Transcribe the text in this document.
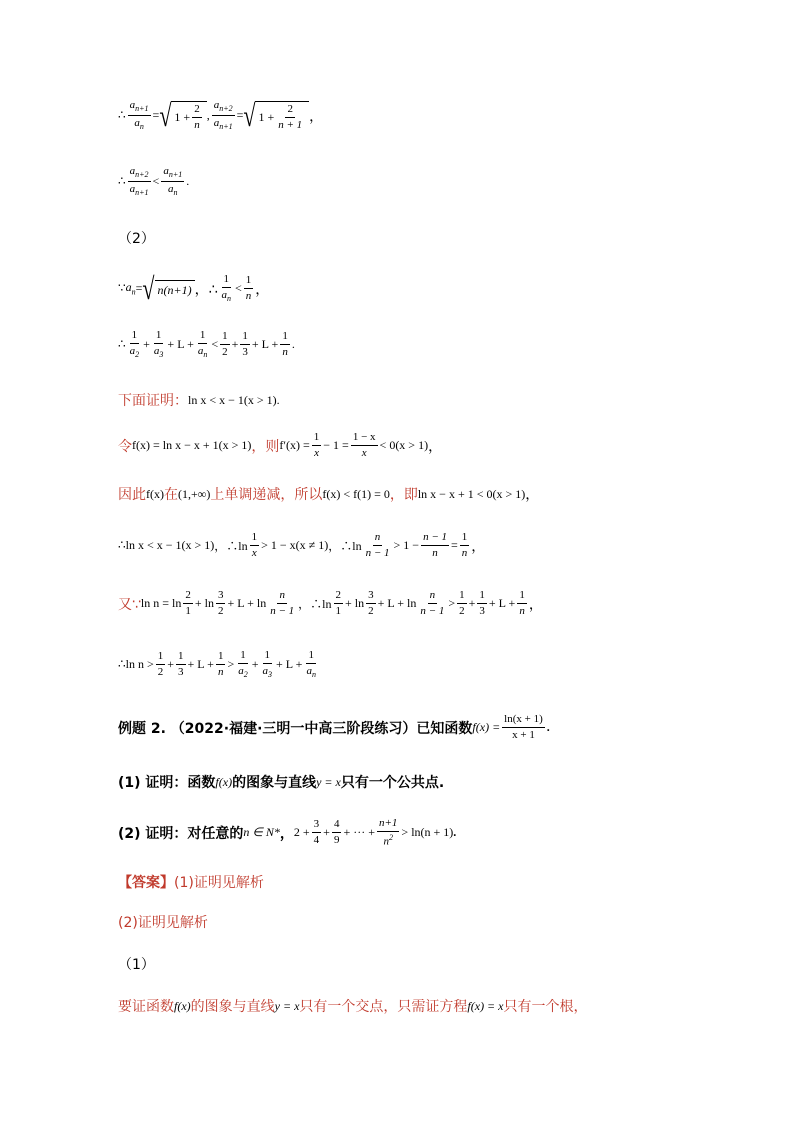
∴ $\frac{a_{n+1}}{a_n}$ = √ $1 + \frac{2}{n}$ , $\frac{a_{n+2}}{a_{n+1}}$ = √ $1 + \frac{2}{n + 1}$ ，
∴ $\frac{a_{n+2}}{a_{n+1}} < \frac{a_{n+1}}{a_n}$ .
（2）
∵ $a_n$ = √ n(n+1) ，∴ $\frac{1}{a_n} < \frac{1}{n}$ ，
∴ $\frac{1}{a_2} + \frac{1}{a_3} + L + \frac{1}{a_n} < \frac{1}{2} + \frac{1}{3} + L + \frac{1}{n}$ .
下面证明： ln x < x − 1(x > 1) .
令 f(x) = ln x − x + 1(x > 1) ，则 $f'(x) = \frac{1}{x} - 1 = \frac{1 - x}{x} < 0(x > 1)$ ，
因此 f(x) 在 (1,+∞) 上单调递减，所以 f(x) < f(1) = 0 ，即 ln x − x + 1 < 0(x > 1) ，
∴ln x < x − 1(x > 1) ，∴ln $\frac{1}{x} > 1 - x(x \ne 1)$ ，∴ln $\frac{n}{n - 1} > 1 - \frac{n - 1}{n} = \frac{1}{n}$ ，
又∵ $\ln n = \ln \frac{2}{1} + \ln \frac{3}{2} + L + \ln \frac{n}{n - 1}$ ，∴ln $\frac{2}{1} + \ln \frac{3}{2} + L + \ln \frac{n}{n - 1} > \frac{1}{2} + \frac{1}{3} + L + \frac{1}{n}$ ，
∴ln $n > \frac{1}{2} + \frac{1}{3} + L + \frac{1}{n} > \frac{1}{a_2} + \frac{1}{a_3} + L + \frac{1}{a_n}$
例题 2. （2022·福建·三明一中高三阶段练习）已知函数 $f(x) = \frac{\ln(x + 1)}{x + 1}$ .
(1) 证明：函数 f(x) 的图象与直线 y = x 只有一个公共点.
(2) 证明：对任意的 n ∈ N* ， $2 + \frac{3}{4} + \frac{4}{9}$ + ··· + $\frac{n+1}{n^2} > \ln(n + 1)$ .
【答案】 (1)证明见解析
(2)证明见解析
（1）
要证函数 f(x) 的图象与直线 y = x 只有一个交点，只需证方程 f(x) = x 只有一个根，
